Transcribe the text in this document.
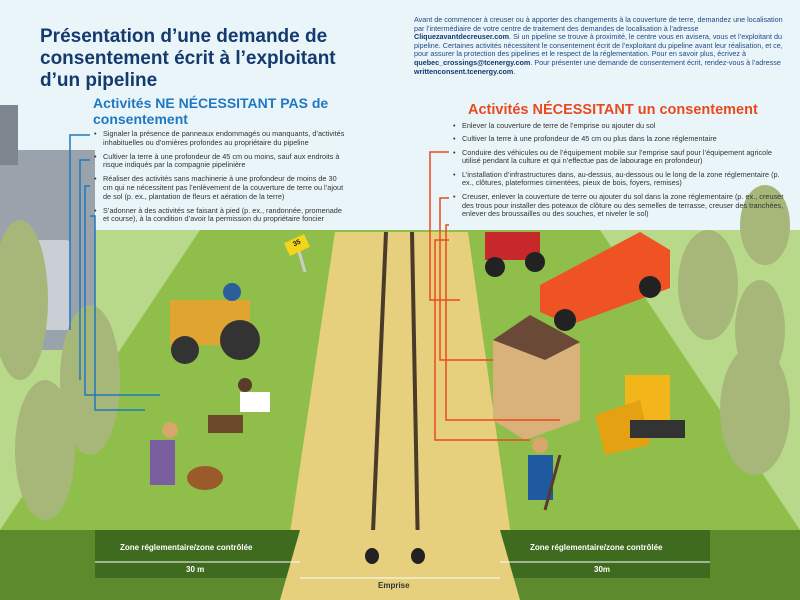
Présentation d’une demande de consentement écrit à l’exploitant d’un pipeline
Avant de commencer à creuser ou à apporter des changements à la couverture de terre, demandez une localisation par l’intermédiaire de votre centre de traitement des demandes de localisation à l’adresse Cliquezavantdecreuser.com. Si un pipeline se trouve à proximité, le centre vous en avisera, vous et l’exploitant du pipeline. Certaines activités nécessitent le consentement écrit de l’exploitant du pipeline avant leur réalisation, et ce, pour assurer la protection des pipelines et le respect de la réglementation. Pour en savoir plus, écrivez à quebec_crossings@tcenergy.com. Pour présenter une demande de consentement écrit, rendez-vous à l’adresse writtenconsent.tcenergy.com.
Activités NE NÉCESSITANT PAS de consentement
• Signaler la présence de panneaux endommagés ou manquants, d’activités inhabituelles ou d’ornières profondes au propriétaire du pipeline
• Cultiver la terre à une profondeur de 45 cm ou moins, sauf aux endroits à risque indiqués par la compagnie pipelinière
• Réaliser des activités sans machinerie à une profondeur de moins de 30 cm qui ne nécessitent pas l’enlèvement de la couverture de terre ou l’ajout de sol (p. ex., plantation de fleurs et aération de la terre)
• S’adonner à des activités se faisant à pied (p. ex., randonnée, promenade et course), à la condition d’avoir la permission du propriétaire foncier
Activités NÉCESSITANT un consentement
• Enlever la couverture de terre de l’emprise ou ajouter du sol
• Cultiver la terre à une profondeur de 45 cm ou plus dans la zone réglementaire
• Conduire des véhicules ou de l’équipement mobile sur l’emprise sauf pour l’équipement agricole utilisé pendant la culture et qui n’effectue pas de labourage en profondeur)
• L’installation d’infrastructures dans, au-dessus, au-dessous ou le long de la zone réglementaire (p. ex., clôtures, plateformes cimentées, pieux de bois, foyers, remises)
• Creuser, enlever la couverture de terre ou ajouter du sol dans la zone réglementaire (p. ex., creuser des trous pour installer des poteaux de clôture ou des semelles de terrasse, creuser des tranchées, enlever des broussailles ou des souches, et niveler le sol)
35
Zone réglementaire/zone contrôlée
30 m
Zone réglementaire/zone contrôlée
30m
Emprise
